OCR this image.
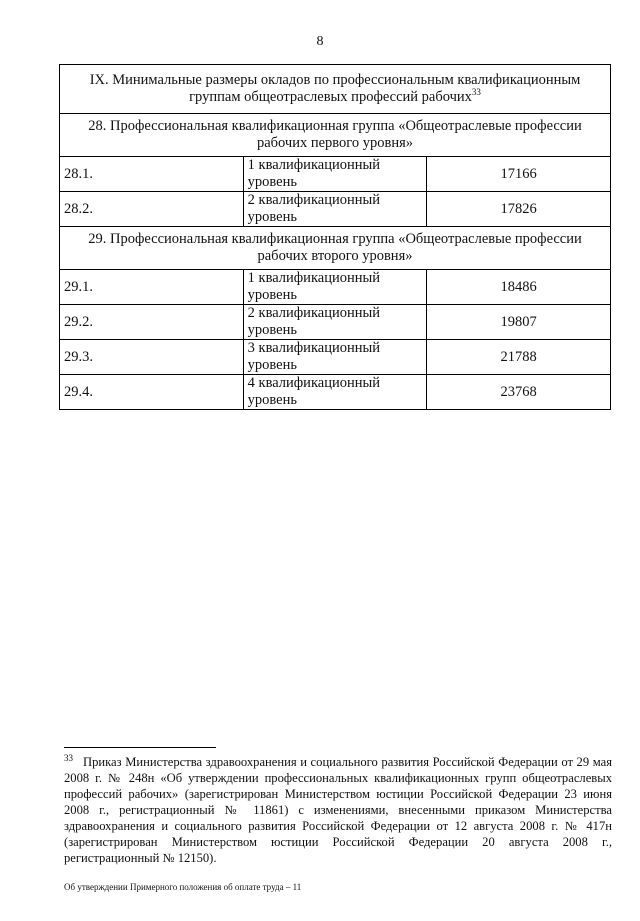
8
IX. Минимальные размеры окладов по профессиональным квалификационным группам общеотраслевых профессий рабочих$^{33}$
28. Профессиональная квалификационная группа «Общеотраслевые профессии рабочих первого уровня»		
28.1.	1 квалификационный уровень	17166
28.2.	2 квалификационный уровень	17826
29. Профессиональная квалификационная группа «Общеотраслевые профессии рабочих второго уровня»		
29.1.	1 квалификационный уровень	18486
29.2.	2 квалификационный уровень	19807
29.3.	3 квалификационный уровень	21788
29.4.	4 квалификационный уровень	23768
$^{33}$ Приказ Министерства здравоохранения и социального развития Российской Федерации от 29 мая 2008 г. № 248н «Об утверждении профессиональных квалификационных групп общеотраслевых профессий рабочих» (зарегистрирован Министерством юстиции Российской Федерации 23 июня 2008 г., регистрационный № 11861) с изменениями, внесенными приказом Министерства здравоохранения и социального развития Российской Федерации от 12 августа 2008 г. № 417н (зарегистрирован Министерством юстиции Российской Федерации 20 августа 2008 г., регистрационный № 12150).
Об утверждении Примерного положения об оплате труда – 11
